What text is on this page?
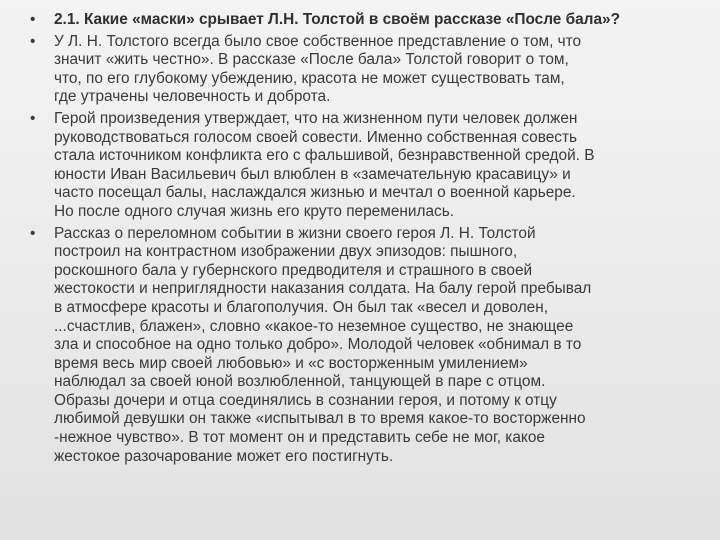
•	2.1. Какие «маски» срывает Л.Н. Толстой в своём рассказе «После бала»?
•	У Л. Н. Толстого всегда было свое собственное представление о том, что
значит «жить честно». В рассказе «После бала» Толстой говорит о том,
что, по его глубокому убеждению, красота не может существовать там,
где утрачены человечность и доброта.
•	Герой произведения утверждает, что на жизненном пути человек должен
руководствоваться голосом своей совести. Именно собственная совесть
стала источником конфликта его с фальшивой, безнравственной средой. В
юности Иван Васильевич был влюблен в «замечательную красавицу» и
часто посещал балы, наслаждался жизнью и мечтал о военной карьере.
Но после одного случая жизнь его круто переменилась.
•	Рассказ о переломном событии в жизни своего героя Л. Н. Толстой
построил на контрастном изображении двух эпизодов: пышного,
роскошного бала у губернского предводителя и страшного в своей
жестокости и непригляднocти наказания солдата. На балу герой пребывал
в атмосфере красоты и благополучия. Он был так «весел и доволен,
...счастлив, блажен», словно «какое-то неземное существо, не знающее
зла и способное на одно только добро». Молодой человек «обнимал в то
время весь мир своей любовью» и «с восторженным умилением»
наблюдал за своей юной возлюбленной, танцующей в паре с отцом.
Образы дочери и отца соединялись в сознании героя, и потому к отцу
любимой девушки он также «испытывал в то время какое-то восторженно
-нежное чувство». В тот момент он и представить себе не мог, какое
жестокое разочарование может его постигнуть.
